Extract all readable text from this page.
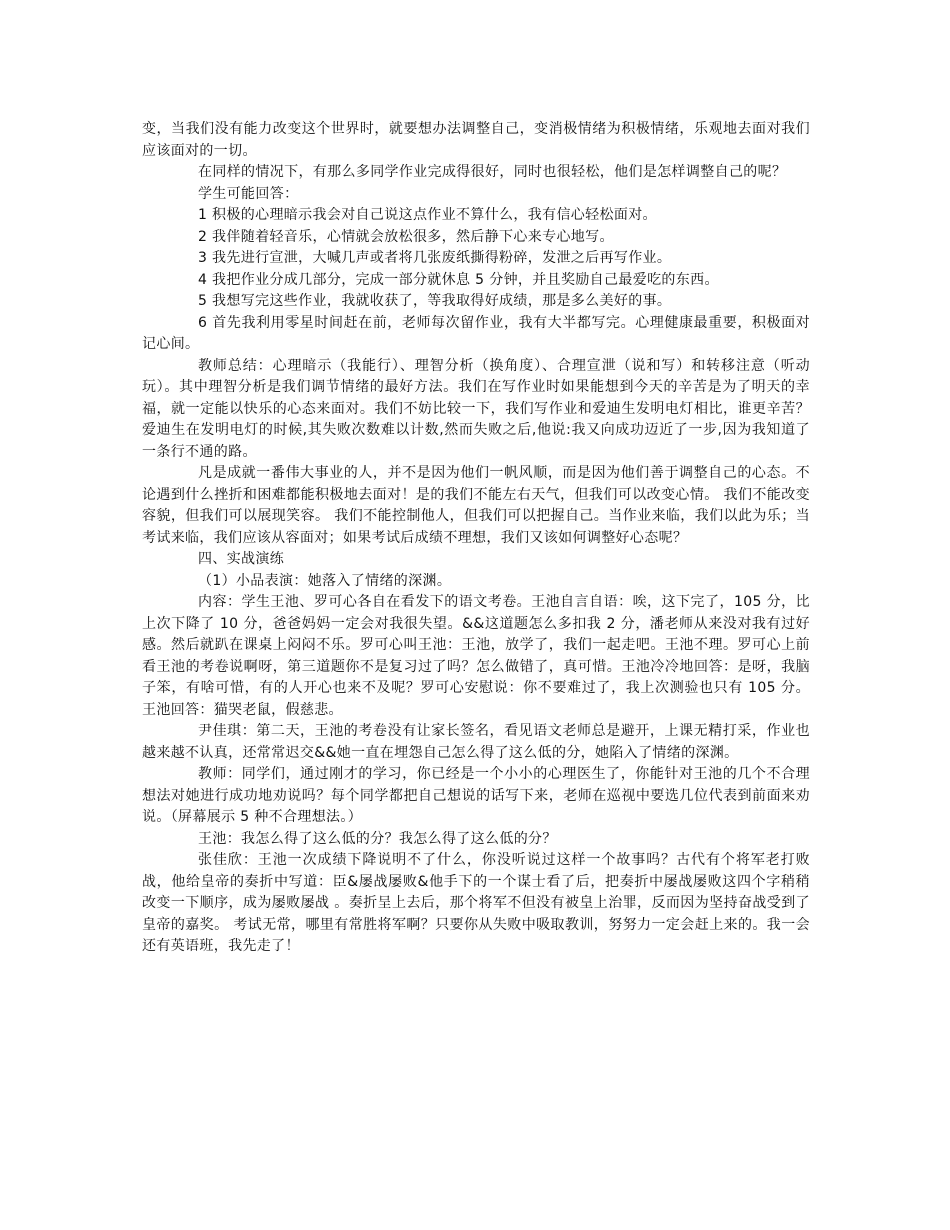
变，当我们没有能力改变这个世界时，就要想办法调整自己，变消极情绪为积极情绪，乐观地去面对我们应该面对的一切。

在同样的情况下，有那么多同学作业完成得很好，同时也很轻松，他们是怎样调整自己的呢？

学生可能回答：

1 积极的心理暗示我会对自己说这点作业不算什么，我有信心轻松面对。

2 我伴随着轻音乐，心情就会放松很多，然后静下心来专心地写。

3 我先进行宣泄，大喊几声或者将几张废纸撕得粉碎，发泄之后再写作业。

4 我把作业分成几部分，完成一部分就休息 5 分钟，并且奖励自己最爱吃的东西。

5 我想写完这些作业，我就收获了，等我取得好成绩，那是多么美好的事。

6 首先我利用零星时间赶在前，老师每次留作业，我有大半都写完。心理健康最重要，积极面对记心间。

教师总结：心理暗示（我能行）、理智分析（换角度）、合理宣泄（说和写）和转移注意（听动玩）。其中理智分析是我们调节情绪的最好方法。我们在写作业时如果能想到今天的辛苦是为了明天的幸福，就一定能以快乐的心态来面对。我们不妨比较一下，我们写作业和爱迪生发明电灯相比，谁更辛苦？爱迪生在发明电灯的时候,其失败次数难以计数,然而失败之后,他说:我又向成功迈近了一步,因为我知道了一条行不通的路。

凡是成就一番伟大事业的人，并不是因为他们一帆风顺，而是因为他们善于调整自己的心态。不论遇到什么挫折和困难都能积极地去面对！是的我们不能左右天气，但我们可以改变心情。 我们不能改变容貌，但我们可以展现笑容。 我们不能控制他人，但我们可以把握自己。当作业来临，我们以此为乐；当考试来临，我们应该从容面对；如果考试后成绩不理想，我们又该如何调整好心态呢？

四、实战演练

（1）小品表演：她落入了情绪的深渊。

内容：学生王池、罗可心各自在看发下的语文考卷。王池自言自语：唉，这下完了，105 分，比上次下降了 10 分，爸爸妈妈一定会对我很失望。&&这道题怎么多扣我 2 分，潘老师从来没对我有过好感。然后就趴在课桌上闷闷不乐。罗可心叫王池：王池，放学了，我们一起走吧。王池不理。罗可心上前看王池的考卷说啊呀，第三道题你不是复习过了吗？怎么做错了，真可惜。王池冷冷地回答：是呀，我脑子笨，有啥可惜，有的人开心也来不及呢？罗可心安慰说：你不要难过了，我上次测验也只有 105 分。王池回答：猫哭老鼠，假慈悲。

尹佳琪：第二天，王池的考卷没有让家长签名，看见语文老师总是避开，上课无精打采，作业也越来越不认真，还常常迟交&&她一直在埋怨自己怎么得了这么低的分，她陷入了情绪的深渊。

教师：同学们，通过刚才的学习，你已经是一个小小的心理医生了，你能针对王池的几个不合理想法对她进行成功地劝说吗？每个同学都把自己想说的话写下来，老师在巡视中要选几位代表到前面来劝说。（屏幕展示 5 种不合理想法。）

王池：我怎么得了这么低的分？我怎么得了这么低的分？

张佳欣：王池一次成绩下降说明不了什么，你没听说过这样一个故事吗？古代有个将军老打败战，他给皇帝的奏折中写道：臣&屡战屡败&他手下的一个谋士看了后，把奏折中屡战屡败这四个字稍稍改变一下顺序，成为屡败屡战 。奏折呈上去后，那个将军不但没有被皇上治罪，反而因为坚持奋战受到了皇帝的嘉奖。 考试无常，哪里有常胜将军啊？只要你从失败中吸取教训，努努力一定会赶上来的。我一会还有英语班，我先走了！
